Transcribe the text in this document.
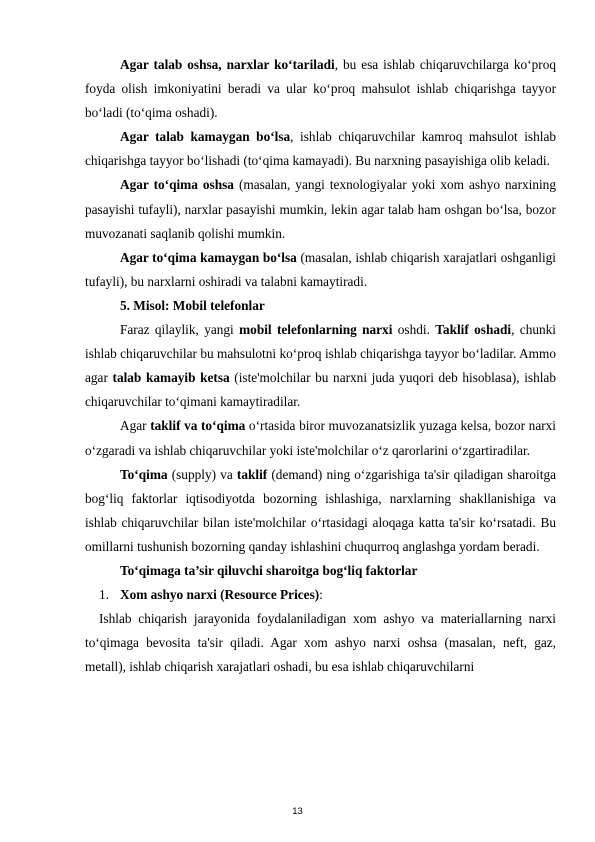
Agar talab oshsa, narxlar ko‘tariladi, bu esa ishlab chiqaruvchilarga ko‘proq foyda olish imkoniyatini beradi va ular ko‘proq mahsulot ishlab chiqarishga tayyor bo‘ladi (to‘qima oshadi).

Agar talab kamaygan bo‘lsa, ishlab chiqaruvchilar kamroq mahsulot ishlab chiqarishga tayyor bo‘lishadi (to‘qima kamayadi). Bu narxning pasayishiga olib keladi.

Agar to‘qima oshsa (masalan, yangi texnologiyalar yoki xom ashyo narxining pasayishi tufayli), narxlar pasayishi mumkin, lekin agar talab ham oshgan bo‘lsa, bozor muvozanati saqlanib qolishi mumkin.

Agar to‘qima kamaygan bo‘lsa (masalan, ishlab chiqarish xarajatlari oshganligi tufayli), bu narxlarni oshiradi va talabni kamaytiradi.

5. Misol: Mobil telefonlar

Faraz qilaylik, yangi mobil telefonlarning narxi oshdi. Taklif oshadi, chunki ishlab chiqaruvchilar bu mahsulotni ko‘proq ishlab chiqarishga tayyor bo‘ladilar. Ammo agar talab kamayib ketsa (iste'molchilar bu narxni juda yuqori deb hisoblasa), ishlab chiqaruvchilar to‘qimani kamaytiradilar.

Agar taklif va to‘qima o‘rtasida biror muvozanatsizlik yuzaga kelsa, bozor narxi o‘zgaradi va ishlab chiqaruvchilar yoki iste'molchilar o‘z qarorlarini o‘zgartiradilar.

To‘qima (supply) va taklif (demand) ning o‘zgarishiga ta'sir qiladigan sharoitga bog‘liq faktorlar iqtisodiyotda bozorning ishlashiga, narxlarning shakllanishiga va ishlab chiqaruvchilar bilan iste'molchilar o‘rtasidagi aloqaga katta ta'sir ko‘rsatadi. Bu omillarni tushunish bozorning qanday ishlashini chuqurroq anglashga yordam beradi.

To‘qimaga ta’sir qiluvchi sharoitga bog‘liq faktorlar

1. Xom ashyo narxi (Resource Prices):

Ishlab chiqarish jarayonida foydalaniladigan xom ashyo va materiallarning narxi to‘qimaga bevosita ta'sir qiladi. Agar xom ashyo narxi oshsa (masalan, neft, gaz, metall), ishlab chiqarish xarajatlari oshadi, bu esa ishlab chiqaruvchilarni

13
